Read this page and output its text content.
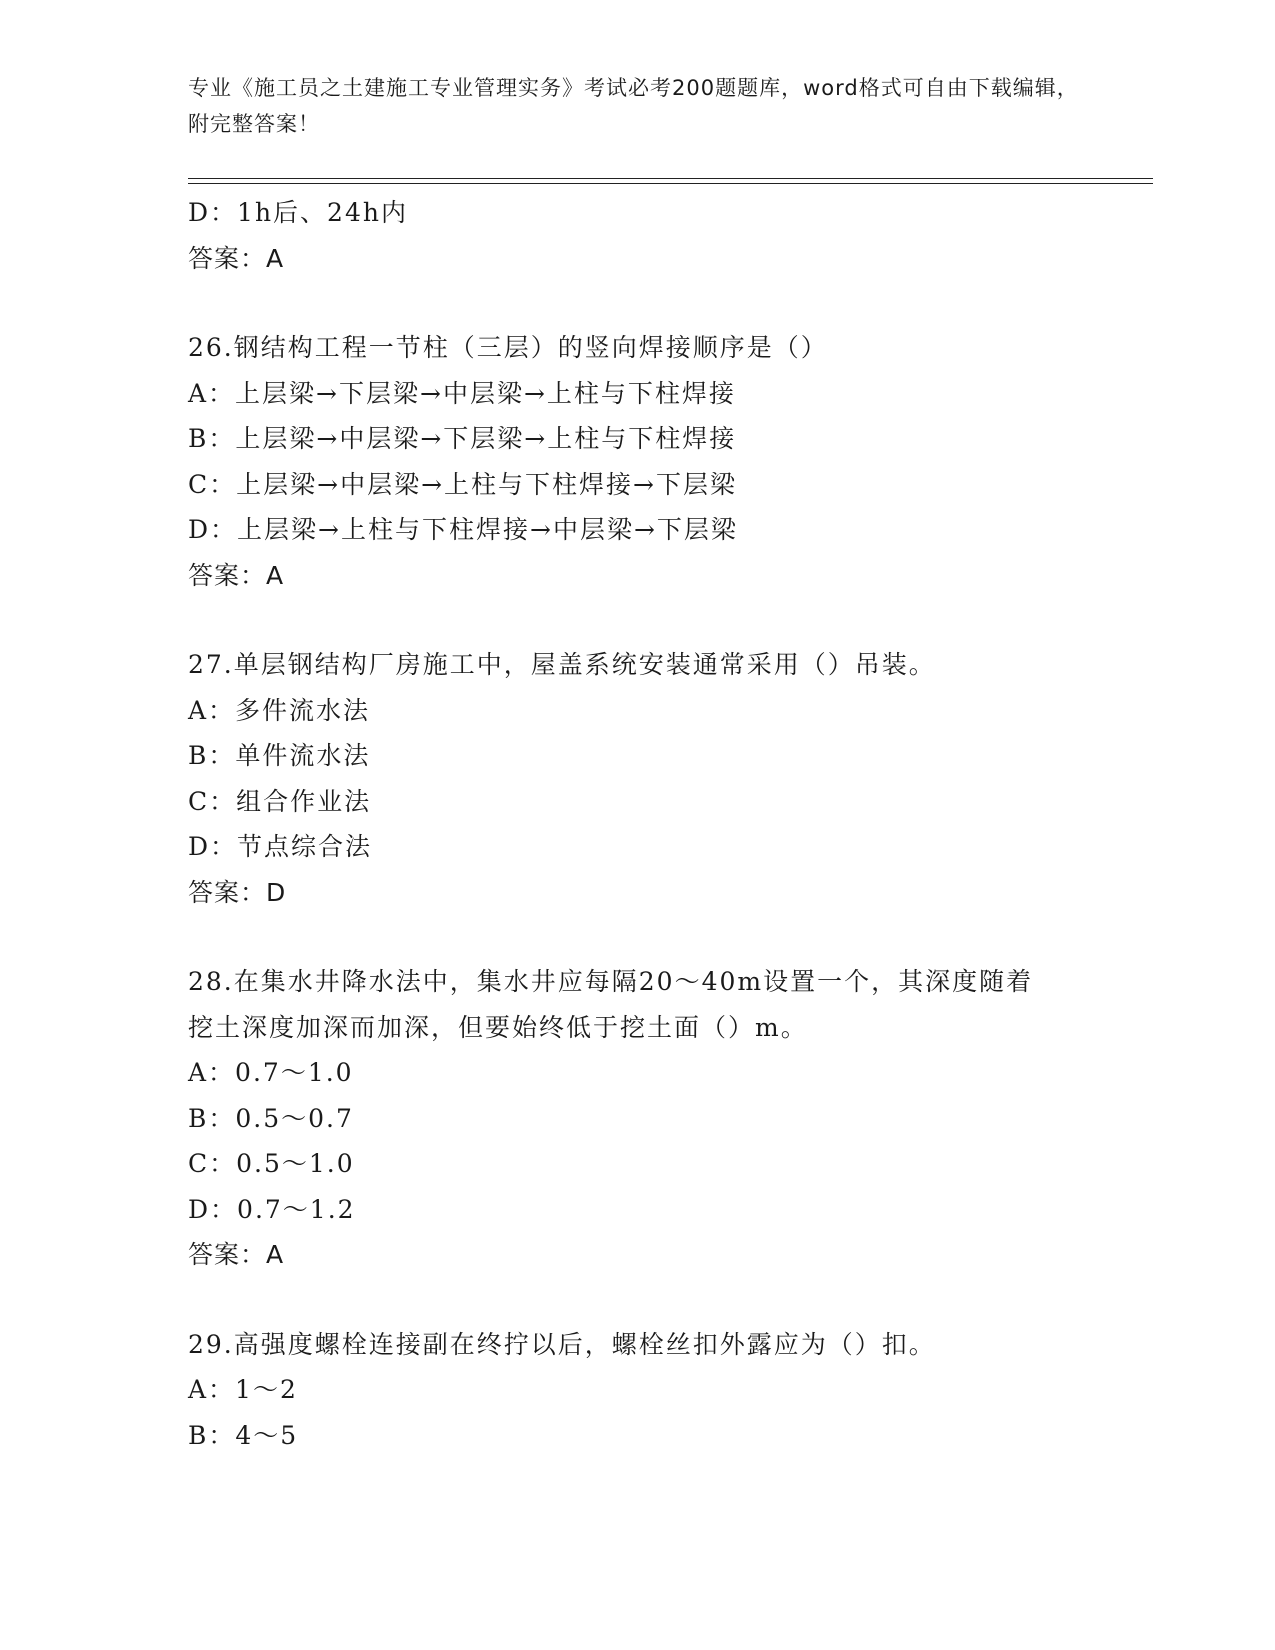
专业《施工员之土建施工专业管理实务》考试必考200题题库，word格式可自由下载编辑，附完整答案！
D：1h后、24h内
答案：A
26.钢结构工程一节柱（三层）的竖向焊接顺序是（）
A：上层梁→下层梁→中层梁→上柱与下柱焊接
B：上层梁→中层梁→下层梁→上柱与下柱焊接
C：上层梁→中层梁→上柱与下柱焊接→下层梁
D：上层梁→上柱与下柱焊接→中层梁→下层梁
答案：A
27.单层钢结构厂房施工中，屋盖系统安装通常采用（）吊装。
A：多件流水法
B：单件流水法
C：组合作业法
D：节点综合法
答案：D
28.在集水井降水法中，集水井应每隔20～40m设置一个，其深度随着挖土深度加深而加深，但要始终低于挖土面（）m。
A：0.7～1.0
B：0.5～0.7
C：0.5～1.0
D：0.7～1.2
答案：A
29.高强度螺栓连接副在终拧以后，螺栓丝扣外露应为（）扣。
A：1～2
B：4～5
